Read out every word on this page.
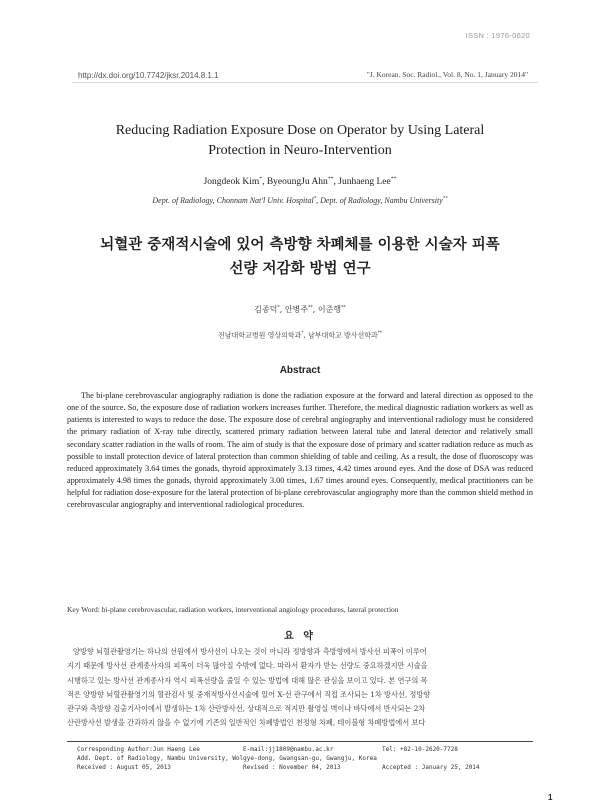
ISSN : 1976-0620
http://dx.doi.org/10.7742/jksr.2014.8.1.1	"J. Korean. Soc. Radiol., Vol. 8, No. 1, January 2014"
Reducing Radiation Exposure Dose on Operator by Using Lateral
Protection in Neuro-Intervention
Jongdeok Kim*, ByeoungJu Ahn**, Junhaeng Lee**
Dept. of Radiology, Chonnam Nat'l Univ. Hospital*, Dept. of Radiology, Nambu University**
뇌혈관 중재적시술에 있어 측방향 차폐체를 이용한 시술자 피폭
선량 저감화 방법 연구
김종덕*, 안병주**, 이준행**
전남대학교병원 영상의학과*, 남부대학교 방사선학과**
Abstract

The bi-plane cerebrovascular angiography radiation is done the radiation exposure at the forward and lateral direction as opposed to the one of the source. So, the exposure dose of radiation workers increases further. Therefore, the medical diagnostic radiation workers as well as patients is interested to ways to reduce the dose. The exposure dose of cerebral angiography and interventional radiology must be considered the primary radiation of X-ray tube directly, scattered primary radiation between lateral tube and lateral detector and relatively small secondary scatter radiation in the walls of room. The aim of study is that the exposure dose of primary and scatter radiation reduce as much as possible to install protection device of lateral protection than common shielding of table and ceiling. As a result, the dose of fluoroscopy was reduced approximately 3.64 times the gonads, thyroid approximately 3.13 times, 4.42 times around eyes. And the dose of DSA was reduced approximately 4.98 times the gonads, thyroid approximately 3.00 times, 1.67 times around eyes. Consequently, medical practitioners can be helpful for radiation dose-exposure for the lateral protection of bi-plane cerebrovascular angiography more than the common shield method in cerebrovascular angiography and interventional radiological procedures.

Key Word: bi-plane cerebrovascular, radiation workers, interventional angiology procedures, lateral protection
요 약
양방향 뇌혈관촬영기는 하나의 선원에서 방사선이 나오는 것이 아니라 정방향과 측방향에서 방사선 피폭이 이루어
지기 때문에 방사선 관계종사자의 피폭이 더욱 많아질 수밖에 없다. 따라서 환자가 받는 선량도 중요하겠지만 시술을
시행하고 있는 방사선 관계종사자 역시 피폭선량을 줄일 수 있는 방법에 대해 많은 관심을 보이고 있다. 본 연구의 목
적은 양방향 뇌혈관촬영기의 혈관검사 및 중재적방사선시술에 있어 X-선 관구에서 직접 조사되는 1차 방사선, 정방향
관구와 측방향 검출기사이에서 발생하는 1차 산란방사선, 상대적으로 적지만 촬영실 벽이나 바닥에서 반사되는 2차
산란방사선 발생을 간과하지 않을 수 없기에 기존의 일반적인 차폐방법인 천정형 차폐, 테이블형 차폐방법에서 보다
Corresponding Author:Jun Haeng Lee	E-mail:jj1809@nambu.ac.kr	Tel: +82-10-2620-7728
Add. Dept. of Radiology, Nambu University, Wolgye-dong, Gwangsan-gu, Gwangju, Korea
Received : August 05, 2013	Revised : November 04, 2013	Accepted : January 25, 2014
1
